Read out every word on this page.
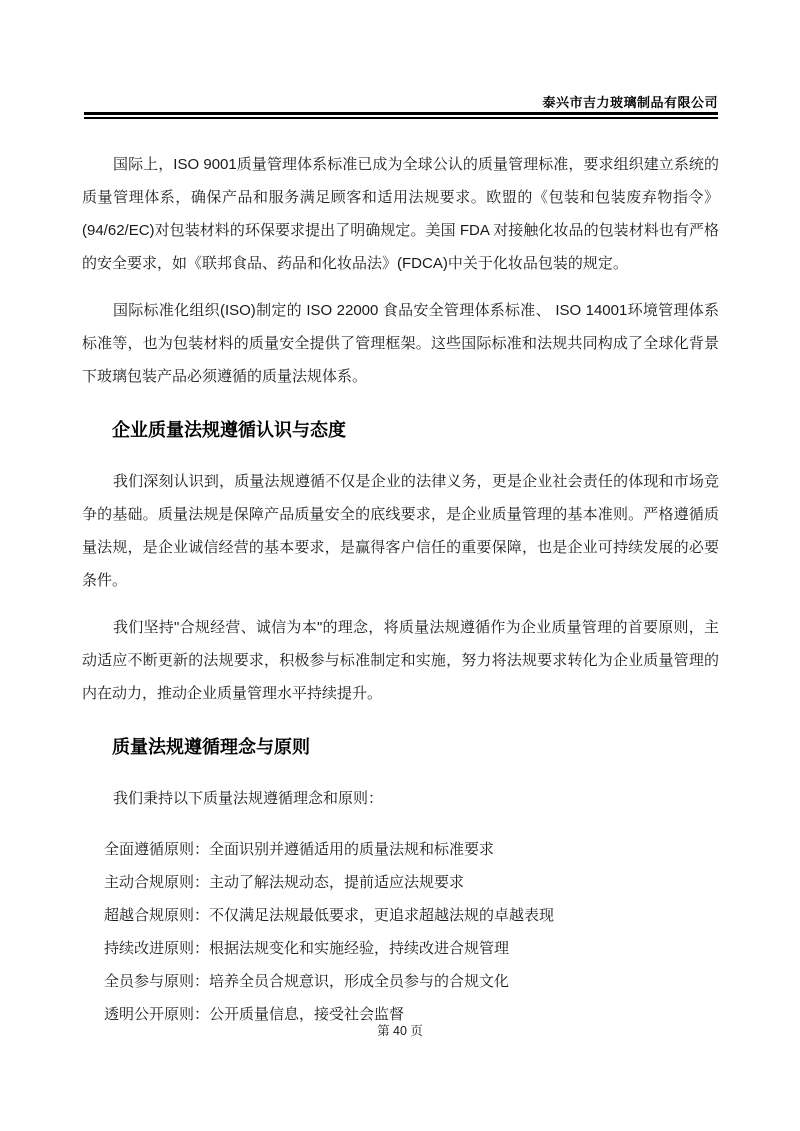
泰兴市吉力玻璃制品有限公司

国际上，ISO 9001质量管理体系标准已成为全球公认的质量管理标准，要求组织建立系统的质量管理体系，确保产品和服务满足顾客和适用法规要求。欧盟的《包装和包装废弃物指令》(94/62/EC)对包装材料的环保要求提出了明确规定。美国 FDA 对接触化妆品的包装材料也有严格的安全要求，如《联邦食品、药品和化妆品法》(FDCA)中关于化妆品包装的规定。

国际标准化组织(ISO)制定的 ISO 22000 食品安全管理体系标准、 ISO 14001环境管理体系标准等，也为包装材料的质量安全提供了管理框架。这些国际标准和法规共同构成了全球化背景下玻璃包装产品必须遵循的质量法规体系。

企业质量法规遵循认识与态度

我们深刻认识到，质量法规遵循不仅是企业的法律义务，更是企业社会责任的体现和市场竞争的基础。质量法规是保障产品质量安全的底线要求，是企业质量管理的基本准则。严格遵循质量法规，是企业诚信经营的基本要求，是赢得客户信任的重要保障，也是企业可持续发展的必要条件。

我们坚持"合规经营、诚信为本"的理念，将质量法规遵循作为企业质量管理的首要原则，主动适应不断更新的法规要求，积极参与标准制定和实施，努力将法规要求转化为企业质量管理的内在动力，推动企业质量管理水平持续提升。

质量法规遵循理念与原则

我们秉持以下质量法规遵循理念和原则：

全面遵循原则：全面识别并遵循适用的质量法规和标准要求
主动合规原则：主动了解法规动态，提前适应法规要求
超越合规原则：不仅满足法规最低要求，更追求超越法规的卓越表现
持续改进原则：根据法规变化和实施经验，持续改进合规管理
全员参与原则：培养全员合规意识，形成全员参与的合规文化
透明公开原则：公开质量信息，接受社会监督
第 40 页
